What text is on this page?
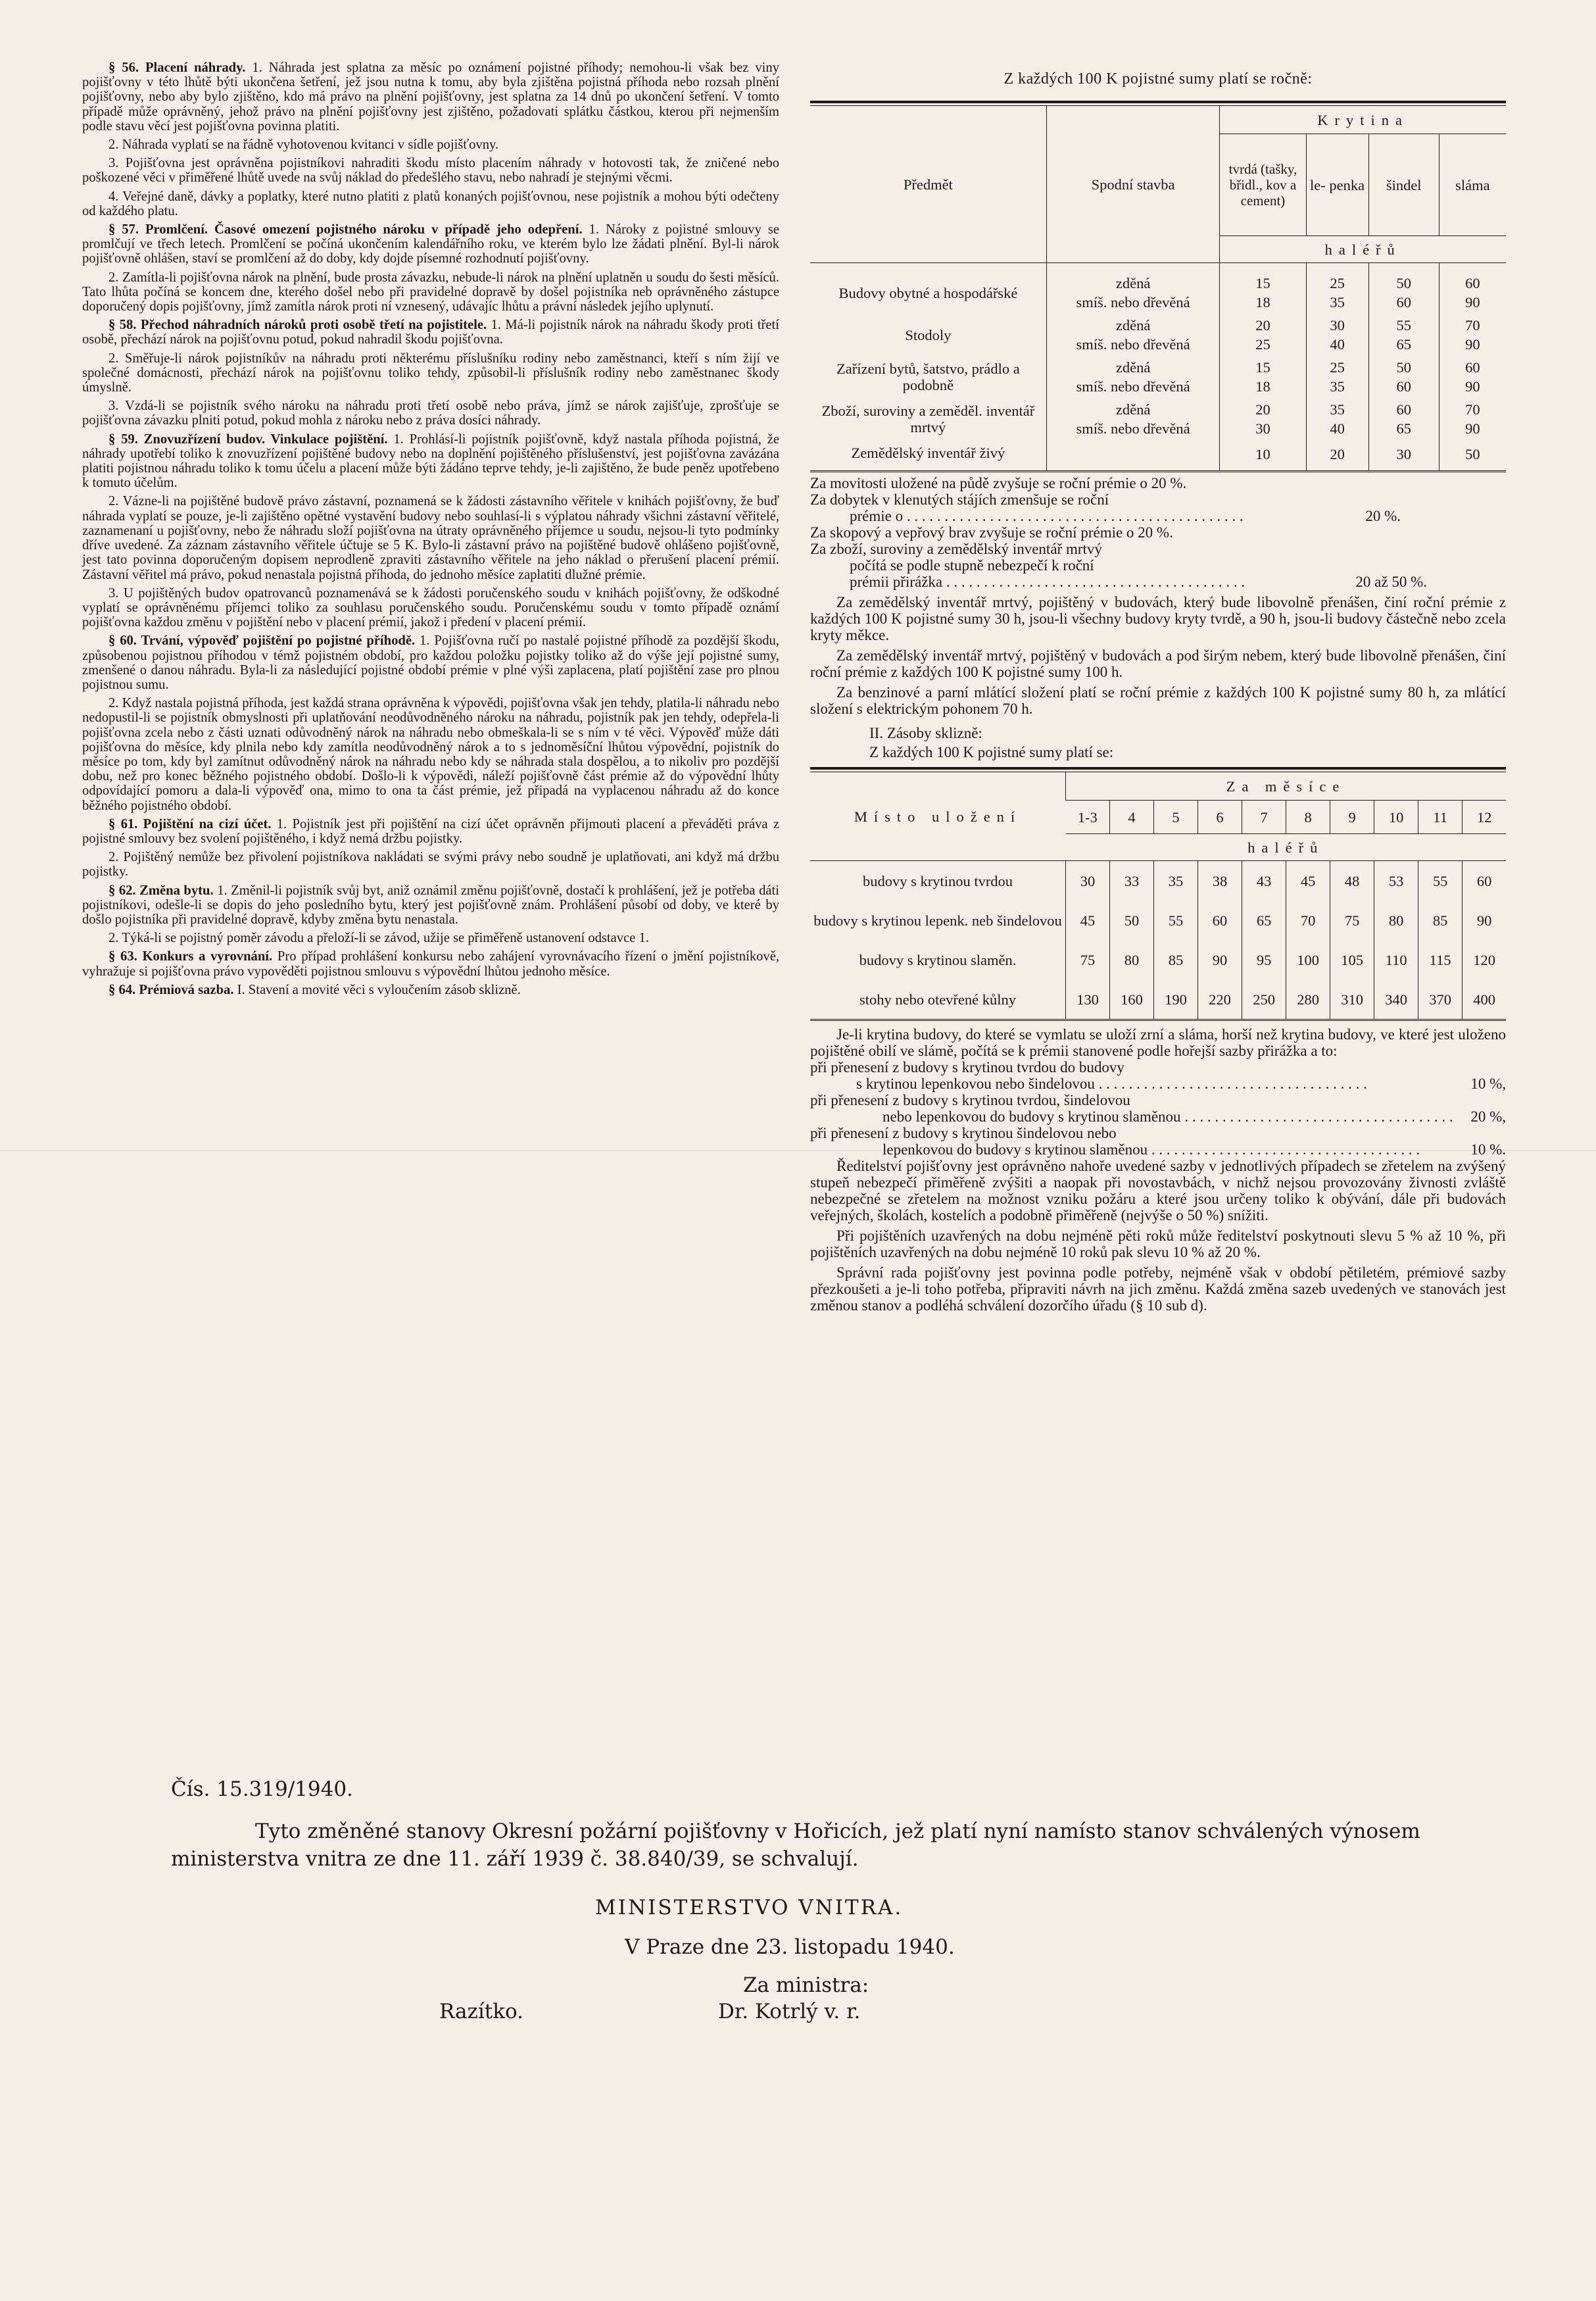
§ 56. Placení náhrady. 1. Náhrada jest splatna za měsíc po oznámení pojistné příhody; nemohou-li však bez viny pojišťovny v této lhůtě býti ukončena šetření, jež jsou nutna k tomu, aby byla zjištěna pojistná příhoda nebo rozsah plnění pojišťovny, nebo aby bylo zjištěno, kdo má právo na plnění pojišťovny, jest splatna za 14 dnů po ukončení šetření. V tomto případě může oprávněný, jehož právo na plnění pojišťovny jest zjištěno, požadovati splátku částkou, kterou při nejmenším podle stavu věcí jest pojišťovna povinna platiti.

2. Náhrada vyplatí se na řádně vyhotovenou kvitanci v sídle pojišťovny.

3. Pojišťovna jest oprávněna pojistníkovi nahraditi škodu místo placením náhrady v hotovosti tak, že zničené nebo poškozené věci v přiměřené lhůtě uvede na svůj náklad do předešlého stavu, nebo nahradí je stejnými věcmi.

4. Veřejné daně, dávky a poplatky, které nutno platiti z platů konaných pojišťovnou, nese pojistník a mohou býti odečteny od každého platu.

§ 57. Promlčení. Časové omezení pojistného nároku v případě jeho odepření. 1. Nároky z pojistné smlouvy se promlčují ve třech letech. Promlčení se počíná ukončením kalendářního roku, ve kterém bylo lze žádati plnění. Byl-li nárok pojišťovně ohlášen, staví se promlčení až do doby, kdy dojde písemné rozhodnutí pojišťovny.

2. Zamítla-li pojišťovna nárok na plnění, bude prosta závazku, nebude-li nárok na plnění uplatněn u soudu do šesti měsíců. Tato lhůta počíná se koncem dne, kterého došel nebo při pravidelné dopravě by došel pojistníka neb oprávněného zástupce doporučený dopis pojišťovny, jímž zamítla nárok proti ní vznesený, udávajíc lhůtu a právní následek jejího uplynutí.

§ 58. Přechod náhradních nároků proti osobě třetí na pojistitele. 1. Má-li pojistník nárok na náhradu škody proti třetí osobě, přechází nárok na pojišťovnu potud, pokud nahradil škodu pojišťovna.

2. Směřuje-li nárok pojistníkův na náhradu proti některému příslušníku rodiny nebo zaměstnanci, kteří s ním žijí ve společné domácnosti, přechází nárok na pojišťovnu toliko tehdy, způsobil-li příslušník rodiny nebo zaměstnanec škody úmyslně.

3. Vzdá-li se pojistník svého nároku na náhradu proti třetí osobě nebo práva, jímž se nárok zajišťuje, zprošťuje se pojišťovna závazku plniti potud, pokud mohla z nároku nebo z práva dosíci náhrady.

§ 59. Znovuzřízení budov. Vinkulace pojištění. 1. Prohlásí-li pojistník pojišťovně, když nastala příhoda pojistná, že náhrady upotřebí toliko k znovuzřízení pojištěné budovy nebo na doplnění pojištěného příslušenství, jest pojišťovna zavázána platiti pojistnou náhradu toliko k tomu účelu a placení může býti žádáno teprve tehdy, je-li zajištěno, že bude peněz upotřebeno k tomuto účelům.

2. Vázne-li na pojištěné budově právo zástavní, poznamená se k žádosti zástavního věřitele v knihách pojišťovny, že buď náhrada vyplatí se pouze, je-li zajištěno opětné vystavění budovy nebo souhlasí-li s výplatou náhrady všichni zástavní věřitelé, zaznamenaní u pojišťovny, nebo že náhradu složí pojišťovna na útraty oprávněného příjemce u soudu, nejsou-li tyto podmínky dříve uvedené. Za záznam zástavního věřitele účtuje se 5 K. Bylo-li zástavní právo na pojištěné budově ohlášeno pojišťovně, jest tato povinna doporučeným dopisem neprodleně zpraviti zástavního věřitele na jeho náklad o přerušení placení prémií. Zástavní věřitel má právo, pokud nenastala pojistná příhoda, do jednoho měsíce zaplatiti dlužné prémie.

3. U pojištěných budov opatrovanců poznamenává se k žádosti poručenského soudu v knihách pojišťovny, že odškodné vyplatí se oprávněnému příjemci toliko za souhlasu poručenského soudu. Poručenskému soudu v tomto případě oznámí pojišťovna každou změnu v pojištění nebo v placení prémií, jakož i předení v placení prémií.

§ 60. Trvání, výpověď pojištění po pojistné příhodě. 1. Pojišťovna ručí po nastalé pojistné příhodě za pozdější škodu, způsobenou pojistnou příhodou v témž pojistném období, pro každou položku pojistky toliko až do výše její pojistné sumy, zmenšené o danou náhradu. Byla-li za následující pojistné období prémie v plné výši zaplacena, platí pojištění zase pro plnou pojistnou sumu.

2. Když nastala pojistná příhoda, jest každá strana oprávněna k výpovědi, pojišťovna však jen tehdy, platila-li náhradu nebo nedopustil-li se pojistník obmyslnosti při uplatňování neodůvodněného nároku na náhradu, pojistník pak jen tehdy, odepřela-li pojišťovna zcela nebo z části uznati odůvodněný nárok na náhradu nebo obmeškala-li se s ním v té věci. Výpověď může dáti pojišťovna do měsíce, kdy plnila nebo kdy zamítla neodůvodněný nárok a to s jednoměsíční lhůtou výpovědní, pojistník do měsíce po tom, kdy byl zamítnut odůvodněný nárok na náhradu nebo kdy se náhrada stala dospělou, a to nikoliv pro pozdější dobu, než pro konec běžného pojistného období. Došlo-li k výpovědi, náleží pojišťovně část prémie až do výpovědní lhůty odpovídající pomoru a dala-li výpověď ona, mimo to ona ta část prémie, jež připadá na vyplacenou náhradu až do konce běžného pojistného období.

§ 61. Pojištění na cizí účet. 1. Pojistník jest při pojištění na cizí účet oprávněn přijmouti placení a převáděti práva z pojistné smlouvy bez svolení pojištěného, i když nemá držbu pojistky.

2. Pojištěný nemůže bez přivolení pojistníkova nakládati se svými právy nebo soudně je uplatňovati, ani když má držbu pojistky.

§ 62. Změna bytu. 1. Změnil-li pojistník svůj byt, aniž oznámil změnu pojišťovně, dostačí k prohlášení, jež je potřeba dáti pojistníkovi, odešle-li se dopis do jeho posledního bytu, který jest pojišťovně znám. Prohlášení působí od doby, ve které by došlo pojistníka při pravidelné dopravě, kdyby změna bytu nenastala.

2. Týká-li se pojistný poměr závodu a přeloží-li se závod, užije se přiměřeně ustanovení odstavce 1.

§ 63. Konkurs a vyrovnání. Pro případ prohlášení konkursu nebo zahájení vyrovnávacího řízení o jmění pojistníkově, vyhražuje si pojišťovna právo vypověděti pojistnou smlouvu s výpovědní lhůtou jednoho měsíce.

§ 64. Prémiová sazba. I. Stavení a movité věci s vyloučením zásob sklizně.

Z každých 100 K pojistné sumy platí se ročně:
Předmět	Spodní stavba	Krytina			
		tvrdá (tašky, břidl., kov a cement)	le- penka	šindel	sláma
		haléřů			
Budovy obytné a hospodářské	zděná	15	25	50	60
	smíš. nebo dřevěná	18	35	60	90
Stodoly	zděná	20	30	55	70
	smíš. nebo dřevěná	25	40	65	90
Zařízení bytů, šatstvo, prádlo a podobně	zděná	15	25	50	60
	smíš. nebo dřevěná	18	35	60	90
Zboží, suroviny a zeměděl. inventář mrtvý	zděná	20	35	60	70
	smíš. nebo dřevěná	30	40	65	90
Zemědělský inventář živý		10	20	30	50

Za movitosti uložené na půdě zvyšuje se roční prémie o 20 %.

Za dobytek v klenutých stájích zmenšuje se roční

prémie o . . . . . . . . . . . . . . . . . . . . . . . . . . . . . . . . . . . . . . . . . . . . .	20 %.

Za skopový a vepřový brav zvyšuje se roční prémie o 20 %.

Za zboží, suroviny a zemědělský inventář mrtvý

počítá se podle stupně nebezpečí k roční

prémii přirážka . . . . . . . . . . . . . . . . . . . . . . . . . . . . . . . . . . . . . . . .	20 až 50 %.

Za zemědělský inventář mrtvý, pojištěný v budovách, který bude libovolně přenášen, činí roční prémie z každých 100 K pojistné sumy 30 h, jsou-li všechny budovy kryty tvrdě, a 90 h, jsou-li budovy částečně nebo zcela kryty měkce.

Za zemědělský inventář mrtvý, pojištěný v budovách a pod širým nebem, který bude libovolně přenášen, činí roční prémie z každých 100 K pojistné sumy 100 h.

Za benzinové a parní mlátící složení platí se roční prémie z každých 100 K pojistné sumy 80 h, za mlátící složení s elektrickým pohonem 70 h.

II. Zásoby sklizně:
Z každých 100 K pojistné sumy platí se:
Místo uložení	Za měsíce									
	1-3	4	5	6	7	8	9	10	11	12
	haléřů									
budovy s krytinou tvrdou	30	33	35	38	43	45	48	53	55	60
budovy s krytinou lepenk. neb šindelovou	45	50	55	60	65	70	75	80	85	90
budovy s krytinou slaměn.	75	80	85	90	95	100	105	110	115	120
stohy nebo otevřené kůlny	130	160	190	220	250	280	310	340	370	400

Je-li krytina budovy, do které se vymlatu se uloží zrní a sláma, horší než krytina budovy, ve které jest uloženo pojištěné obilí ve slámě, počítá se k prémii stanovené podle hořejší sazby přirážka a to:

při přenesení z budovy s krytinou tvrdou do budovy
s krytinou lepenkovou nebo šindelovou . . . . . . . . . . . . . . . . . . . . . . . . . . . . . . . . . . . .	10 %,
při přenesení z budovy s krytinou tvrdou, šindelovou
nebo lepenkovou do budovy s krytinou slaměnou . . . . . . . . . . . . . . . . . . . . . . . . . . . . . . . . . . . .	20 %,
při přenesení z budovy s krytinou šindelovou nebo
lepenkovou do budovy s krytinou slaměnou . . . . . . . . . . . . . . . . . . . . . . . . . . . . . . . . . . . .	10 %.

Ředitelství pojišťovny jest oprávněno nahoře uvedené sazby v jednotlivých případech se zřetelem na zvýšený stupeň nebezpečí přiměřeně zvýšiti a naopak při novostavbách, v nichž nejsou provozovány živnosti zvláště nebezpečné se zřetelem na možnost vzniku požáru a které jsou určeny toliko k obývání, dále při budovách veřejných, školách, kostelích a podobně přiměřeně (nejvýše o 50 %) snížiti.

Při pojištěních uzavřených na dobu nejméně pěti roků může ředitelství poskytnouti slevu 5 % až 10 %, při pojištěních uzavřených na dobu nejméně 10 roků pak slevu 10 % až 20 %.

Správní rada pojišťovny jest povinna podle potřeby, nejméně však v období pětiletém, prémiové sazby přezkoušeti a je-li toho potřeba, připraviti návrh na jich změnu. Každá změna sazeb uvedených ve stanovách jest změnou stanov a podléhá schválení dozorčího úřadu (§ 10 sub d).

Čís. 15.319/1940.
Tyto změněné stanovy Okresní požární pojišťovny v Hořicích, jež platí nyní namísto stanov schválených výnosem
ministerstva vnitra ze dne 11. září 1939 č. 38.840/39, se schvalují.
MINISTERSTVO VNITRA.
V Praze dne 23. listopadu 1940.
Za ministra:
Razítko.	Dr. Kotrlý v. r.
